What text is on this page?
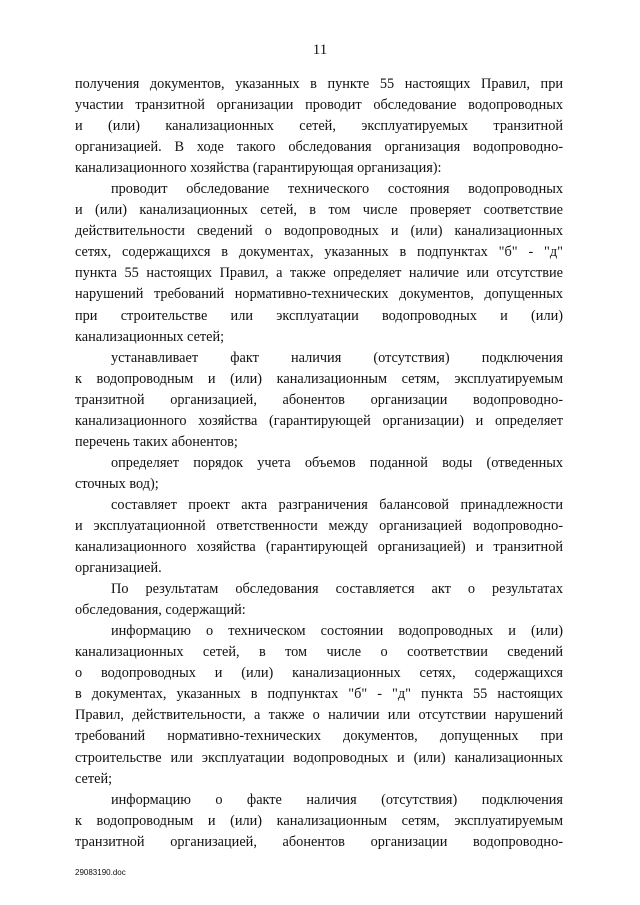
11
получения документов, указанных в пункте 55 настоящих Правил, при
участии транзитной организации проводит обследование водопроводных
и (или) канализационных сетей, эксплуатируемых транзитной
организацией. В ходе такого обследования организация водопроводно-
канализационного хозяйства (гарантирующая организация):
проводит обследование технического состояния водопроводных
и (или) канализационных сетей, в том числе проверяет соответствие
действительности сведений о водопроводных и (или) канализационных
сетях, содержащихся в документах, указанных в подпунктах "б" - "д"
пункта 55 настоящих Правил, а также определяет наличие или отсутствие
нарушений требований нормативно-технических документов, допущенных
при строительстве или эксплуатации водопроводных и (или)
канализационных сетей;
устанавливает факт наличия (отсутствия) подключения
к водопроводным и (или) канализационным сетям, эксплуатируемым
транзитной организацией, абонентов организации водопроводно-
канализационного хозяйства (гарантирующей организации) и определяет
перечень таких абонентов;
определяет порядок учета объемов поданной воды (отведенных
сточных вод);
составляет проект акта разграничения балансовой принадлежности
и эксплуатационной ответственности между организацией водопроводно-
канализационного хозяйства (гарантирующей организацией) и транзитной
организацией.
По результатам обследования составляется акт о результатах
обследования, содержащий:
информацию о техническом состоянии водопроводных и (или)
канализационных сетей, в том числе о соответствии сведений
о водопроводных и (или) канализационных сетях, содержащихся
в документах, указанных в подпунктах "б" - "д" пункта 55 настоящих
Правил, действительности, а также о наличии или отсутствии нарушений
требований нормативно-технических документов, допущенных при
строительстве или эксплуатации водопроводных и (или) канализационных
сетей;
информацию о факте наличия (отсутствия) подключения
к водопроводным и (или) канализационным сетям, эксплуатируемым
транзитной организацией, абонентов организации водопроводно-
29083190.doc
